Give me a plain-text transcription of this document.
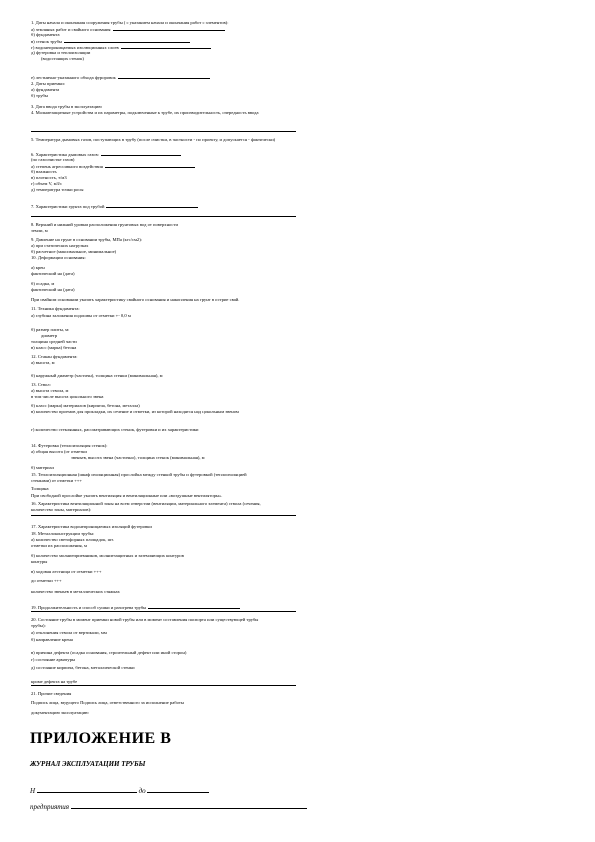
1. Даты начала и окончания сооружения трубы ( с указанием начала и окончания работ с элементов):
а) земляных работ и свайного основания
б) фундамента
в) стенок трубы
г) водонепроницаемых изолюционных слоев
д) футеровка и теплоизоляции
(водостоящих стенок)
е) лестнично-указанного обхода фуроровок
2. Даты приемки:
а) фундамента
б) трубы
3. Дата ввода трубы в эксплуатацию
4. Молниезащитные устройства и их параметры, подключенные к трубе, их производительность, очередность ввода
5. Температура дымовых газов, поступающих в трубу (после очистки, в частности - по проекту, и допускается - фактически)
6. Характеристика дымовых газов:
(по газоочистке газов)
а) степень агрессивного воздействия
б) влажность
в) плотность, т/м3
г) объем V, м3/с
д) температура точки росы
7. Характеристики грунта под трубой
8. Верхний и нижний уровни расположения грунтовых вод от поверхности
земли, м
9. Давление на грунт в основании трубы, МПа (кгс/см2):
а) при статических нагрузках
б) расчетное (максимальное, минимальное)
10. Деформации основания:
а) крен
фактический на (дата)
б) осадка, м
фактический на (дата)
При свайном основании указать характеристику свайного основания и накопления на грунт в острие свай.
11. Техника фундамента:
а) глубина заложения подошвы от отметки +- 0,0 м
б) размер плиты, м:
диаметр
толщина средней части
в) класс (марка) бетона
12. Стакан фундамента:
а) высота, м
б) наружный диаметр (частичн), толщина стенки (минимальная), м
13. Ствол:
а) высота ствола, м
в том числе высота цокольного звена
б) класс (марка) материалов (кирпича, бетона, металла)
в) количество проемов для прокладки, их сечение и отметки, из которой находятся над цокольным звеном
г) количество стеклянных, рассматривающих стенок, футеровки и их характеристики
14. Футеровка (теплоизоляция стенок):
а) общая высота (от отметки
звеньев, высота звена (частично), толщина стенок (минимальная), м
б) материал
15. Теплоизоляционная (шкаф изоляционная) прослойка между стенкой трубы и футеровкой (теплоизоляцией
стенками) от отметки +++
Толщина
При свободной прослойке указать вентиляция и вентиляционные или «воздушные вентиляторы».
16. Характеристика вентиляционной зоны на всем отверстии (вентиляции, материального элемента) ствола (сечения,
количество зоны, материалов):
17. Характеристика водонепроницаемых изоляций футеровки
18. Металлоконструкции трубы:
а) количество светофорных площадок, шт.
отметки их расположения, м
б) количество молниеприемников, молниезащитных и заземляющих контуров
контуры
в) ходовая лестница от отметки +++
до отметки +++
количество звеньев в металлических стяжках
19. Продолжительность и способ сушки и разогрева трубы
20. Состояние трубы в момент приемки новой трубы или в момент составления паспорта или существующей трубы
трубы):
а) отклонения ствола от вертикали, мм
б) направление крена
в) причина дефекта (осадка основания, строительный дефект или иной сторон)
г) состояние арматуры
д) состояние кирпича, бетона, металлической стенки
кроме дефекта на трубе
21. Прочие сведения
Подпись лица, ведущего Подпись лица, ответственного за исполнение работы
документацию эксплуатацию
ПРИЛОЖЕНИЕ В
ЖУРНАЛ ЭКСПЛУАТАЦИИ ТРУБЫ
Н	до
предприятия
